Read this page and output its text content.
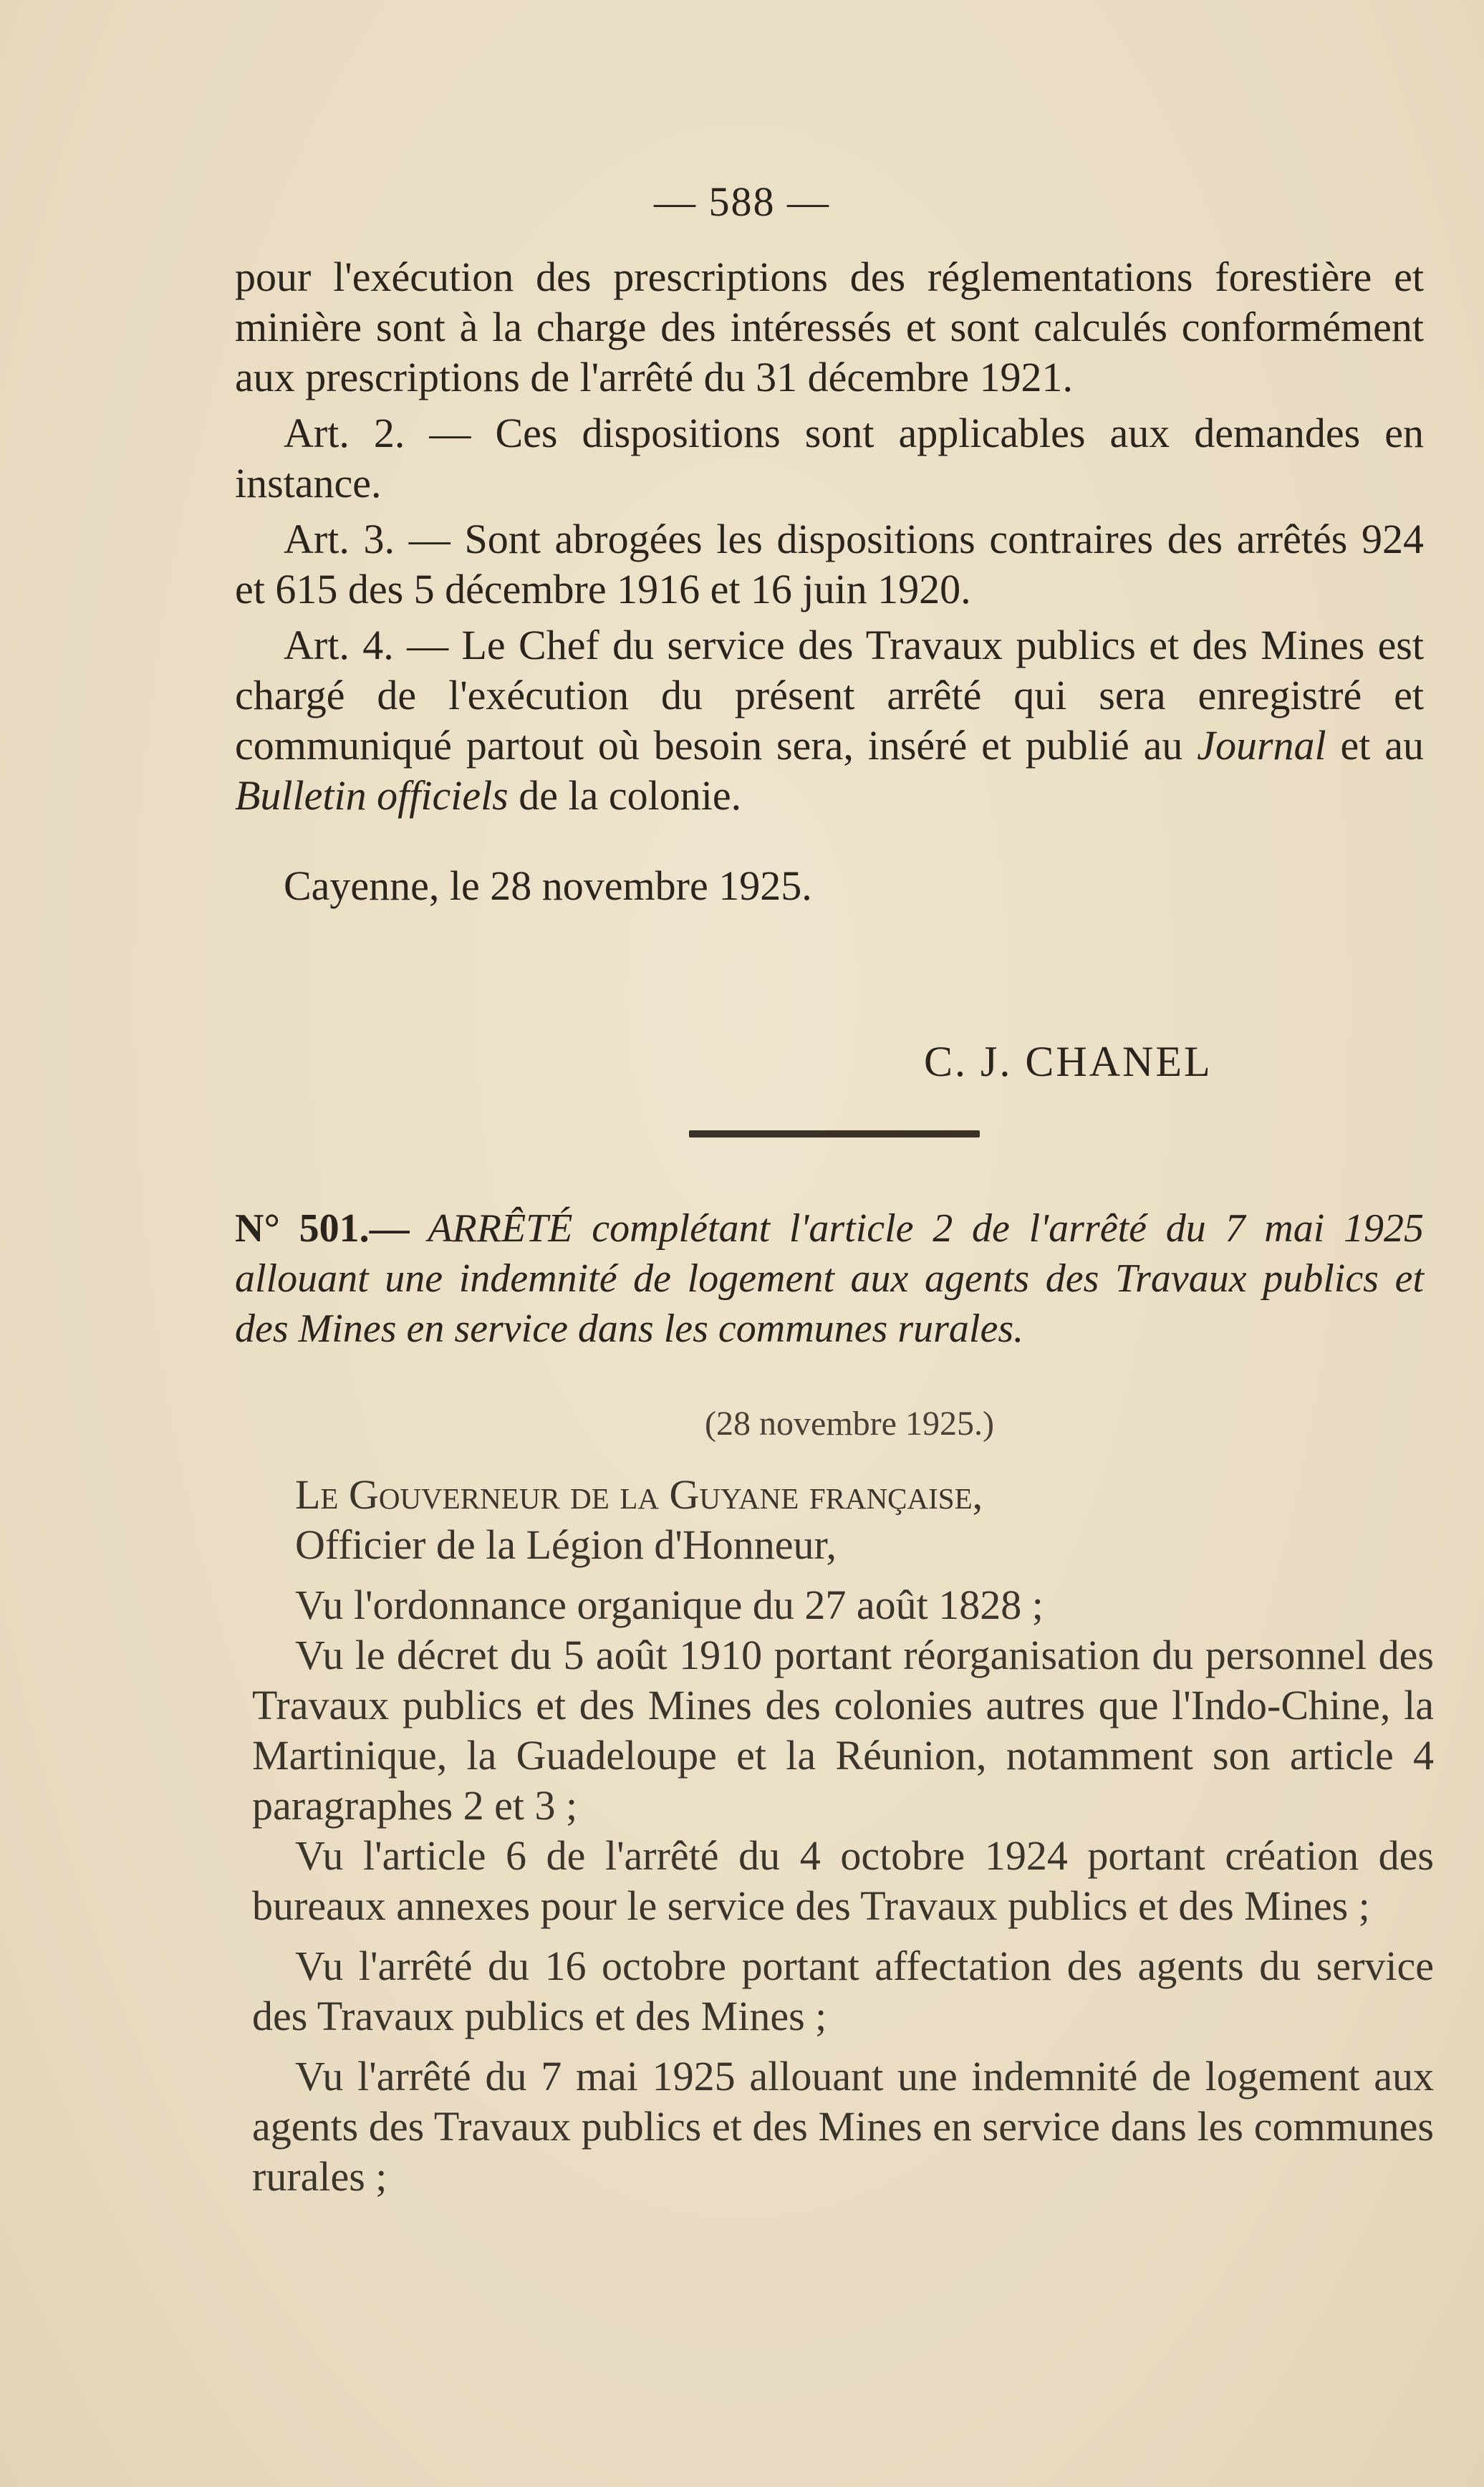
— 588 —

pour l'exécution des prescriptions des réglementations forestière et minière sont à la charge des intéressés et sont calculés conformément aux prescriptions de l'arrêté du 31 décembre 1921.

Art. 2. — Ces dispositions sont applicables aux demandes en instance.

Art. 3. — Sont abrogées les dispositions contraires des arrêtés 924 et 615 des 5 décembre 1916 et 16 juin 1920.

Art. 4. — Le Chef du service des Travaux publics et des Mines est chargé de l'exécution du présent arrêté qui sera enregistré et communiqué partout où besoin sera, inséré et publié au Journal et au Bulletin officiels de la colonie.

Cayenne, le 28 novembre 1925.

C. J. CHANEL

N° 501.— ARRÊTÉ complétant l'article 2 de l'arrêté du 7 mai 1925 allouant une indemnité de logement aux agents des Travaux publics et des Mines en service dans les communes rurales.

(28 novembre 1925.)

Le Gouverneur de la Guyane française,

Officier de la Légion d'Honneur,

Vu l'ordonnance organique du 27 août 1828 ;

Vu le décret du 5 août 1910 portant réorganisation du personnel des Travaux publics et des Mines des colonies autres que l'Indo-Chine, la Martinique, la Guadeloupe et la Réunion, notamment son article 4 paragraphes 2 et 3 ;

Vu l'article 6 de l'arrêté du 4 octobre 1924 portant création des bureaux annexes pour le service des Travaux publics et des Mines ;

Vu l'arrêté du 16 octobre portant affectation des agents du service des Travaux publics et des Mines ;

Vu l'arrêté du 7 mai 1925 allouant une indemnité de logement aux agents des Travaux publics et des Mines en service dans les communes rurales ;
